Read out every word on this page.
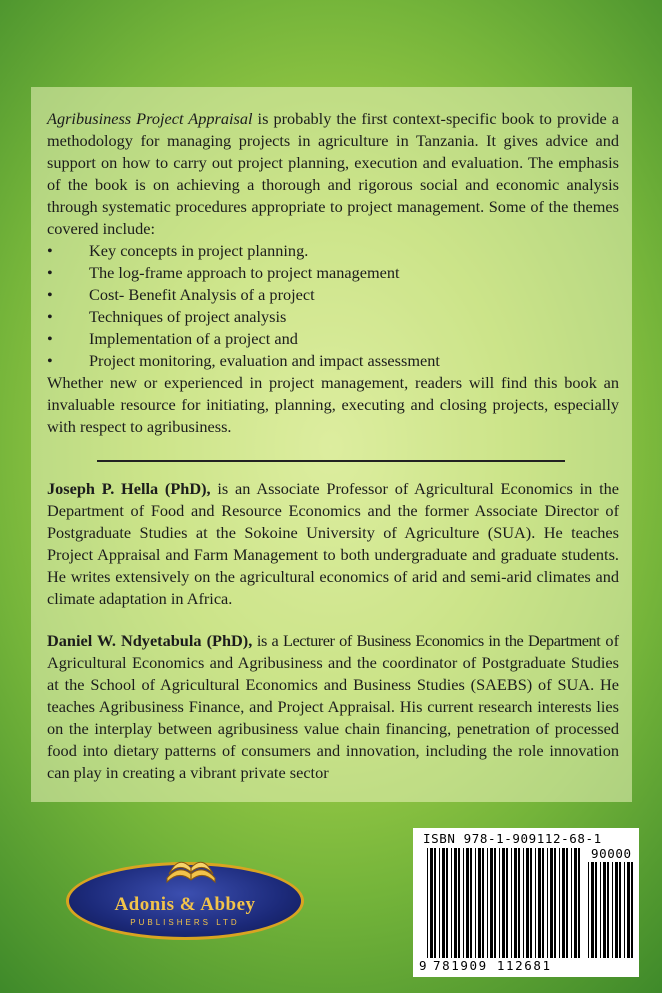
Agribusiness Project Appraisal is probably the first context-specific book to provide a methodology for managing projects in agriculture in Tanzania. It gives advice and support on how to carry out project planning, execution and evaluation. The emphasis of the book is on achieving a thorough and rigorous social and economic analysis through systematic procedures appropriate to project management. Some of the themes covered include:

• Key concepts in project planning.
• The log-frame approach to project management
• Cost- Benefit Analysis of a project
• Techniques of project analysis
• Implementation of a project and
• Project monitoring, evaluation and impact assessment

Whether new or experienced in project management, readers will find this book an invaluable resource for initiating, planning, executing and closing projects, especially with respect to agribusiness.

Joseph P. Hella (PhD), is an Associate Professor of Agricultural Economics in the Department of Food and Resource Economics and the former Associate Director of Postgraduate Studies at the Sokoine University of Agriculture (SUA). He teaches Project Appraisal and Farm Management to both undergraduate and graduate students. He writes extensively on the agricultural economics of arid and semi-arid climates and climate adaptation in Africa.

Daniel W. Ndyetabula (PhD), is a Lecturer of Business Economics in the Department of Agricultural Economics and Agribusiness and the coordinator of Postgraduate Studies at the School of Agricultural Economics and Business Studies (SAEBS) of SUA. He teaches Agribusiness Finance, and Project Appraisal. His current research interests lies on the interplay between agribusiness value chain financing, penetration of processed food into dietary patterns of consumers and innovation, including the role innovation can play in creating a vibrant private sector

Adonis & Abbey
PUBLISHERS LTD
ISBN 978-1-909112-68-1
90000
9 781909 112681
